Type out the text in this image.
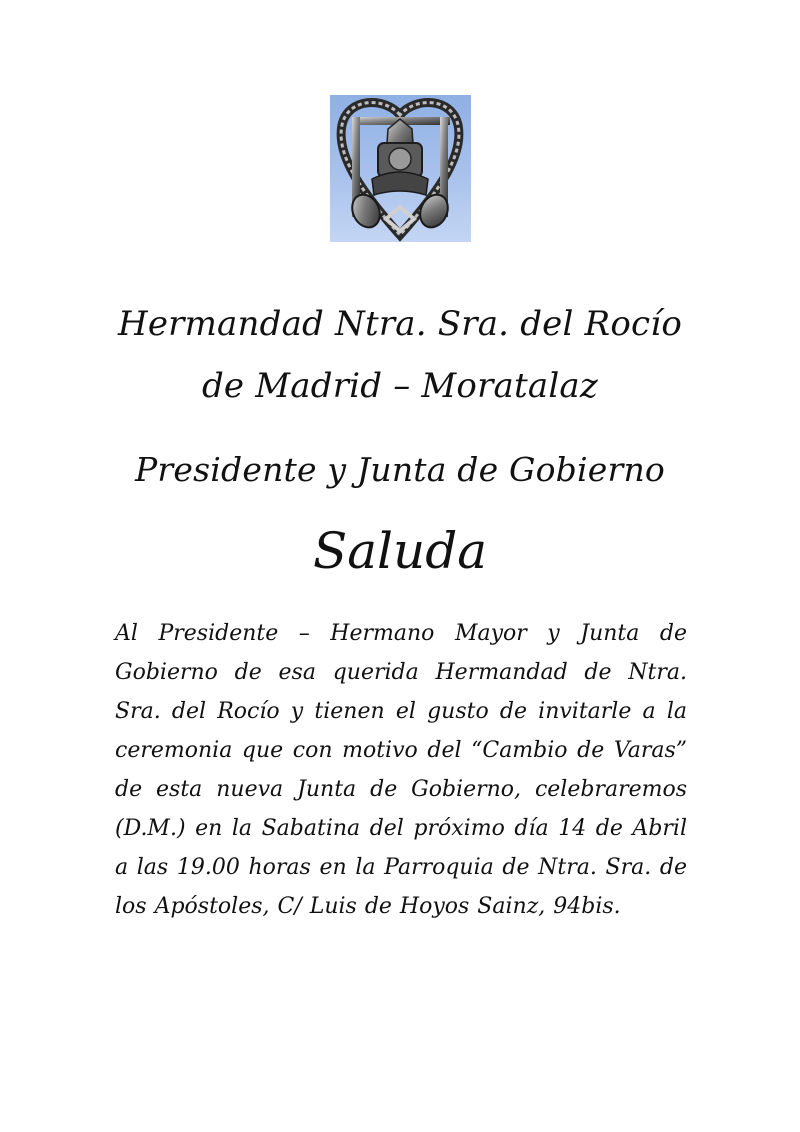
Hermandad Ntra. Sra. del Rocío
de Madrid – Moratalaz
Presidente y Junta de Gobierno
Saluda
Al Presidente – Hermano Mayor y Junta de Gobierno de esa querida Hermandad de Ntra. Sra. del Rocío y tienen el gusto de invitarle a la ceremonia que con motivo del “Cambio de Varas” de esta nueva Junta de Gobierno, celebraremos (D.M.) en la Sabatina del próximo día 14 de Abril a las 19.00 horas en la Parroquia de Ntra. Sra. de los Apóstoles, C/ Luis de Hoyos Sainz, 94bis.
